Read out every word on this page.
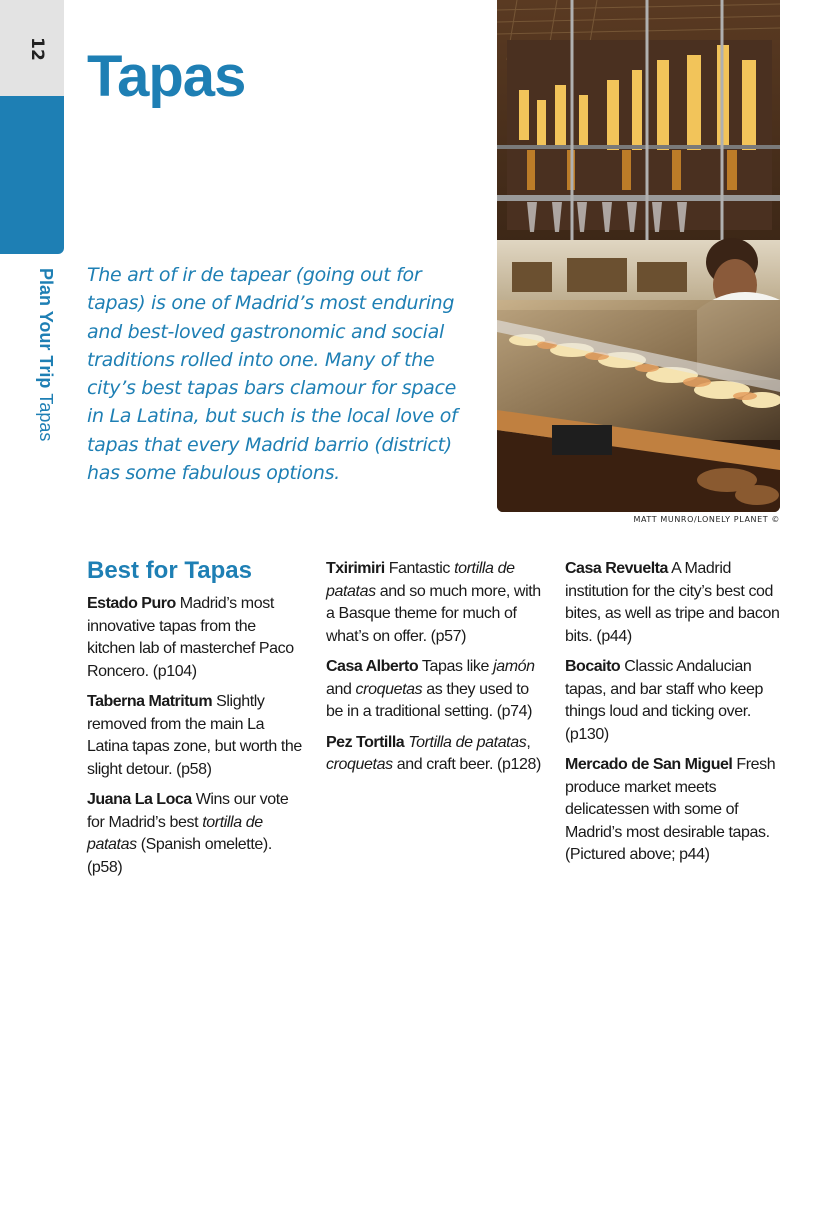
12
Plan Your Trip Tapas
Tapas

The art of ir de tapear (going out for tapas) is one of Madrid’s most enduring and best-loved gastronomic and social traditions rolled into one. Many of the city’s best tapas bars clamour for space in La Latina, but such is the local love of tapas that every Madrid barrio (district) has some fabulous options.

MATT MUNRO/LONELY PLANET ©
Best for Tapas

Estado Puro Madrid’s most innovative tapas from the kitchen lab of masterchef Paco Roncero. (p104)

Taberna Matritum Slightly removed from the main La Latina tapas zone, but worth the slight detour. (p58)

Juana La Loca Wins our vote for Madrid’s best tortilla de patatas (Spanish omelette). (p58)

Txirimiri Fantastic tortilla de patatas and so much more, with a Basque theme for much of what’s on offer. (p57)

Casa Alberto Tapas like jamón and croquetas as they used to be in a traditional setting. (p74)

Pez Tortilla Tortilla de patatas, croquetas and craft beer. (p128)

Casa Revuelta A Madrid institution for the city’s best cod bites, as well as tripe and bacon bits. (p44)

Bocaito Classic Andalucian tapas, and bar staff who keep things loud and ticking over. (p130)

Mercado de San Miguel Fresh produce market meets delicatessen with some of Madrid’s most desirable tapas. (Pictured above; p44)
